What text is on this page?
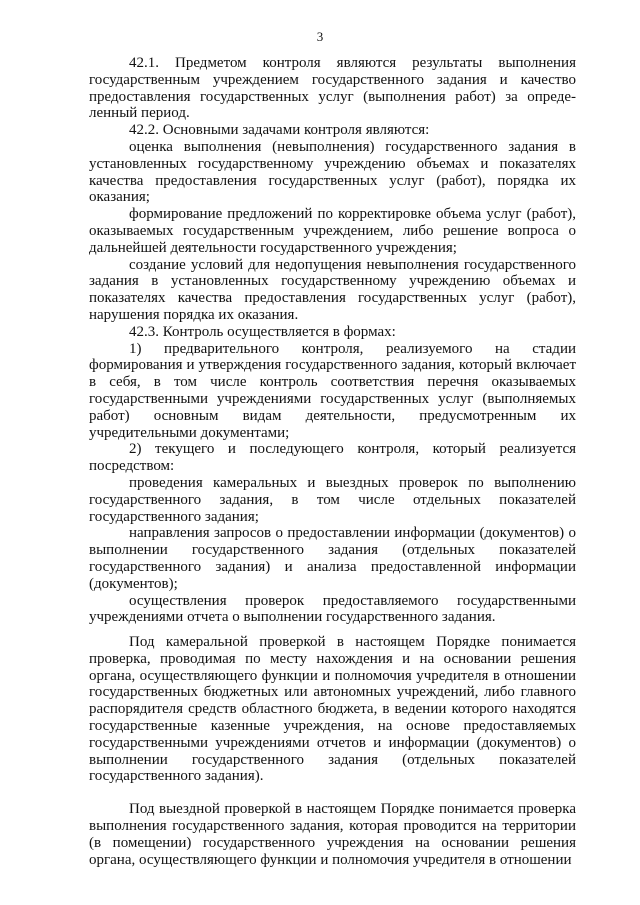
3

42.1. Предметом контроля являются результаты выполнения государственным учреждением государственного задания и качество предоставления государственных услуг (выполнения работ) за определенный период.

42.2. Основными задачами контроля являются:

оценка выполнения (невыполнения) государственного задания в установленных государственному учреждению объемах и показателях качества предоставления государственных услуг (работ), порядка их оказания;

формирование предложений по корректировке объема услуг (работ), оказываемых государственным учреждением, либо решение вопроса о дальнейшей деятельности государственного учреждения;

создание условий для недопущения невыполнения государственного задания в установленных государственному учреждению объемах и показателях качества предоставления государственных услуг (работ), нарушения порядка их оказания.

42.3. Контроль осуществляется в формах:

1) предварительного контроля, реализуемого на стадии формирования и утверждения государственного задания, который включает в себя, в том числе контроль соответствия перечня оказываемых государственными учреждениями государственных услуг (выполняемых работ) основным видам деятельности, предусмотренным их учредительными документами;

2) текущего и последующего контроля, который реализуется посредством:

проведения камеральных и выездных проверок по выполнению государственного задания, в том числе отдельных показателей государственного задания;

направления запросов о предоставлении информации (документов) о выполнении государственного задания (отдельных показателей государственного задания) и анализа предоставленной информации (документов);

осуществления проверок предоставляемого государственными учреждениями отчета о выполнении государственного задания.

Под камеральной проверкой в настоящем Порядке понимается проверка, проводимая по месту нахождения и на основании решения органа, осуществляющего функции и полномочия учредителя в отношении государственных бюджетных или автономных учреждений, либо главного распорядителя средств областного бюджета, в ведении которого находятся государственные казенные учреждения, на основе предоставляемых государственными учреждениями отчетов и информации (документов) о выполнении государственного задания (отдельных показателей государственного задания).

Под выездной проверкой в настоящем Порядке понимается проверка выполнения государственного задания, которая проводится на территории (в помещении) государственного учреждения на основании решения органа, осуществляющего функции и полномочия учредителя в отношении
